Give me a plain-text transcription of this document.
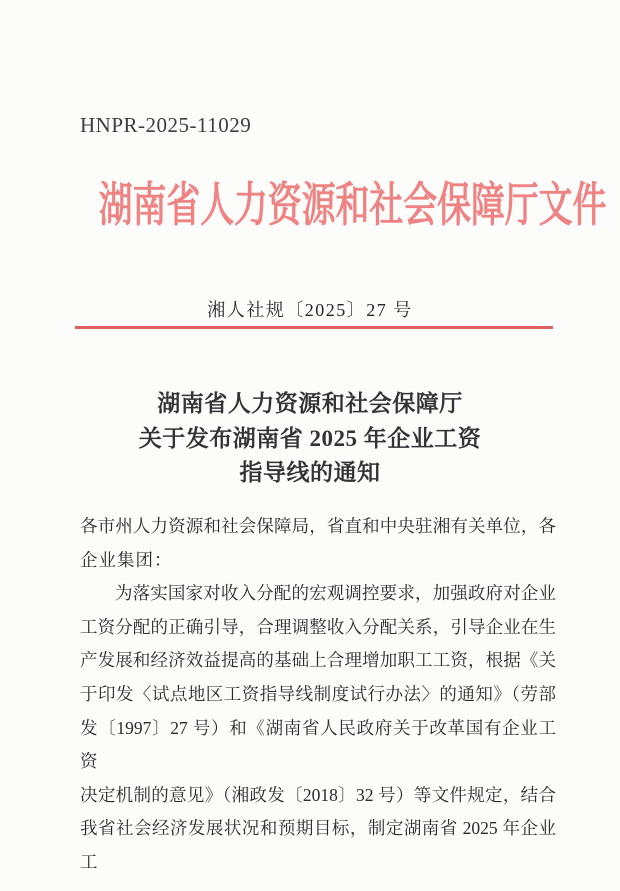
HNPR-2025-11029
湖南省人力资源和社会保障厅文件
湘人社规〔2025〕27 号
湖南省人力资源和社会保障厅
关于发布湖南省 2025 年企业工资
指导线的通知
各市州人力资源和社会保障局，省直和中央驻湘有关单位，各
企业集团：
为落实国家对收入分配的宏观调控要求，加强政府对企业
工资分配的正确引导，合理调整收入分配关系，引导企业在生
产发展和经济效益提高的基础上合理增加职工工资，根据《关
于印发〈试点地区工资指导线制度试行办法〉的通知》（劳部
发〔1997〕27 号）和《湖南省人民政府关于改革国有企业工资
决定机制的意见》（湘政发〔2018〕32 号）等文件规定，结合
我省社会经济发展状况和预期目标，制定湖南省 2025 年企业工
